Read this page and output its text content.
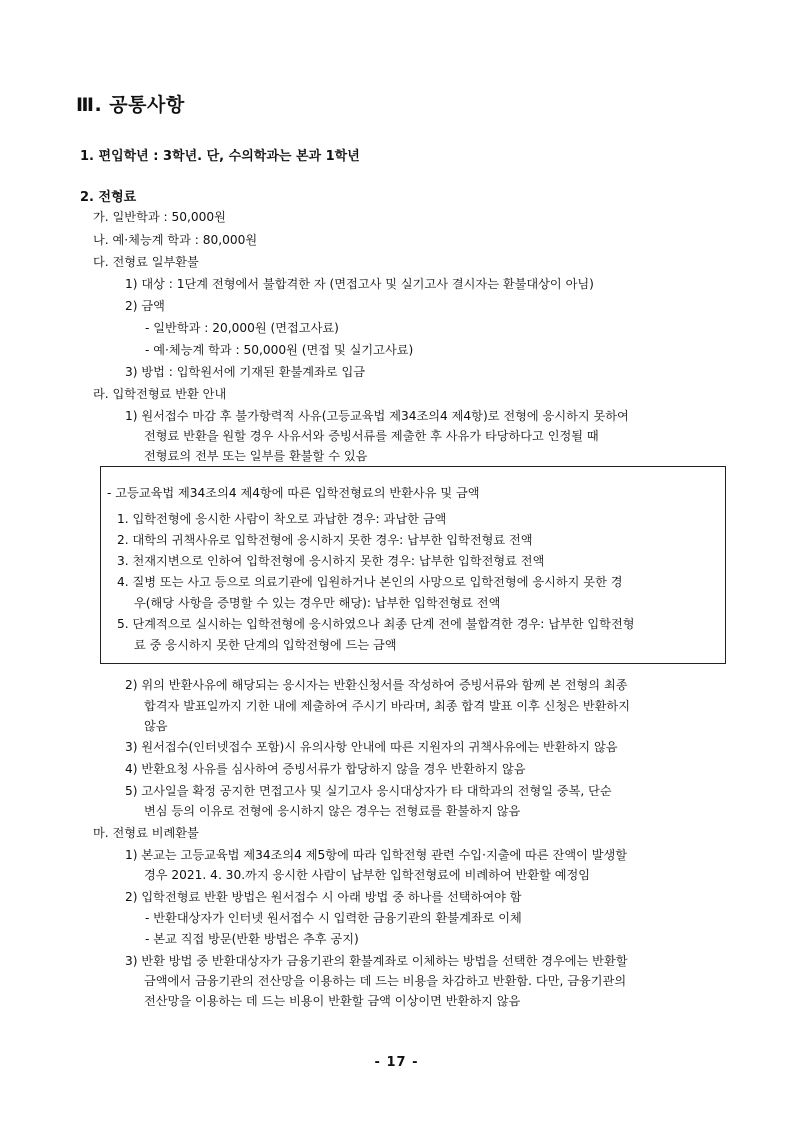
Ⅲ. 공통사항
1. 편입학년 : 3학년. 단, 수의학과는 본과 1학년
2. 전형료
가. 일반학과 : 50,000원
나. 예·체능계 학과 : 80,000원
다. 전형료 일부환불
1) 대상 : 1단계 전형에서 불합격한 자 (면접고사 및 실기고사 결시자는 환불대상이 아님)
2) 금액
- 일반학과 : 20,000원 (면접고사료)
- 예·체능계 학과 : 50,000원 (면접 및 실기고사료)
3) 방법 : 입학원서에 기재된 환불계좌로 입금
라. 입학전형료 반환 안내
1) 원서접수 마감 후 불가항력적 사유(고등교육법 제34조의4 제4항)로 전형에 응시하지 못하여
전형료 반환을 원할 경우 사유서와 증빙서류를 제출한 후 사유가 타당하다고 인정될 때
전형료의 전부 또는 일부를 환불할 수 있음
- 고등교육법 제34조의4 제4항에 따른 입학전형료의 반환사유 및 금액
1. 입학전형에 응시한 사람이 착오로 과납한 경우: 과납한 금액
2. 대학의 귀책사유로 입학전형에 응시하지 못한 경우: 납부한 입학전형료 전액
3. 천재지변으로 인하여 입학전형에 응시하지 못한 경우: 납부한 입학전형료 전액
4. 질병 또는 사고 등으로 의료기관에 입원하거나 본인의 사망으로 입학전형에 응시하지 못한 경
우(해당 사항을 증명할 수 있는 경우만 해당): 납부한 입학전형료 전액
5. 단계적으로 실시하는 입학전형에 응시하였으나 최종 단계 전에 불합격한 경우: 납부한 입학전형
료 중 응시하지 못한 단계의 입학전형에 드는 금액
2) 위의 반환사유에 해당되는 응시자는 반환신청서를 작성하여 증빙서류와 함께 본 전형의 최종
합격자 발표일까지 기한 내에 제출하여 주시기 바라며, 최종 합격 발표 이후 신청은 반환하지
않음
3) 원서접수(인터넷접수 포함)시 유의사항 안내에 따른 지원자의 귀책사유에는 반환하지 않음
4) 반환요청 사유를 심사하여 증빙서류가 합당하지 않을 경우 반환하지 않음
5) 고사일을 확정 공지한 면접고사 및 실기고사 응시대상자가 타 대학과의 전형일 중복, 단순
변심 등의 이유로 전형에 응시하지 않은 경우는 전형료를 환불하지 않음
마. 전형료 비례환불
1) 본교는 고등교육법 제34조의4 제5항에 따라 입학전형 관련 수입·지출에 따른 잔액이 발생할
경우 2021. 4. 30.까지 응시한 사람이 납부한 입학전형료에 비례하여 반환할 예정임
2) 입학전형료 반환 방법은 원서접수 시 아래 방법 중 하나를 선택하여야 함
- 반환대상자가 인터넷 원서접수 시 입력한 금융기관의 환불계좌로 이체
- 본교 직접 방문(반환 방법은 추후 공지)
3) 반환 방법 중 반환대상자가 금융기관의 환불계좌로 이체하는 방법을 선택한 경우에는 반환할
금액에서 금융기관의 전산망을 이용하는 데 드는 비용을 차감하고 반환함. 다만, 금융기관의
전산망을 이용하는 데 드는 비용이 반환할 금액 이상이면 반환하지 않음
- 17 -
